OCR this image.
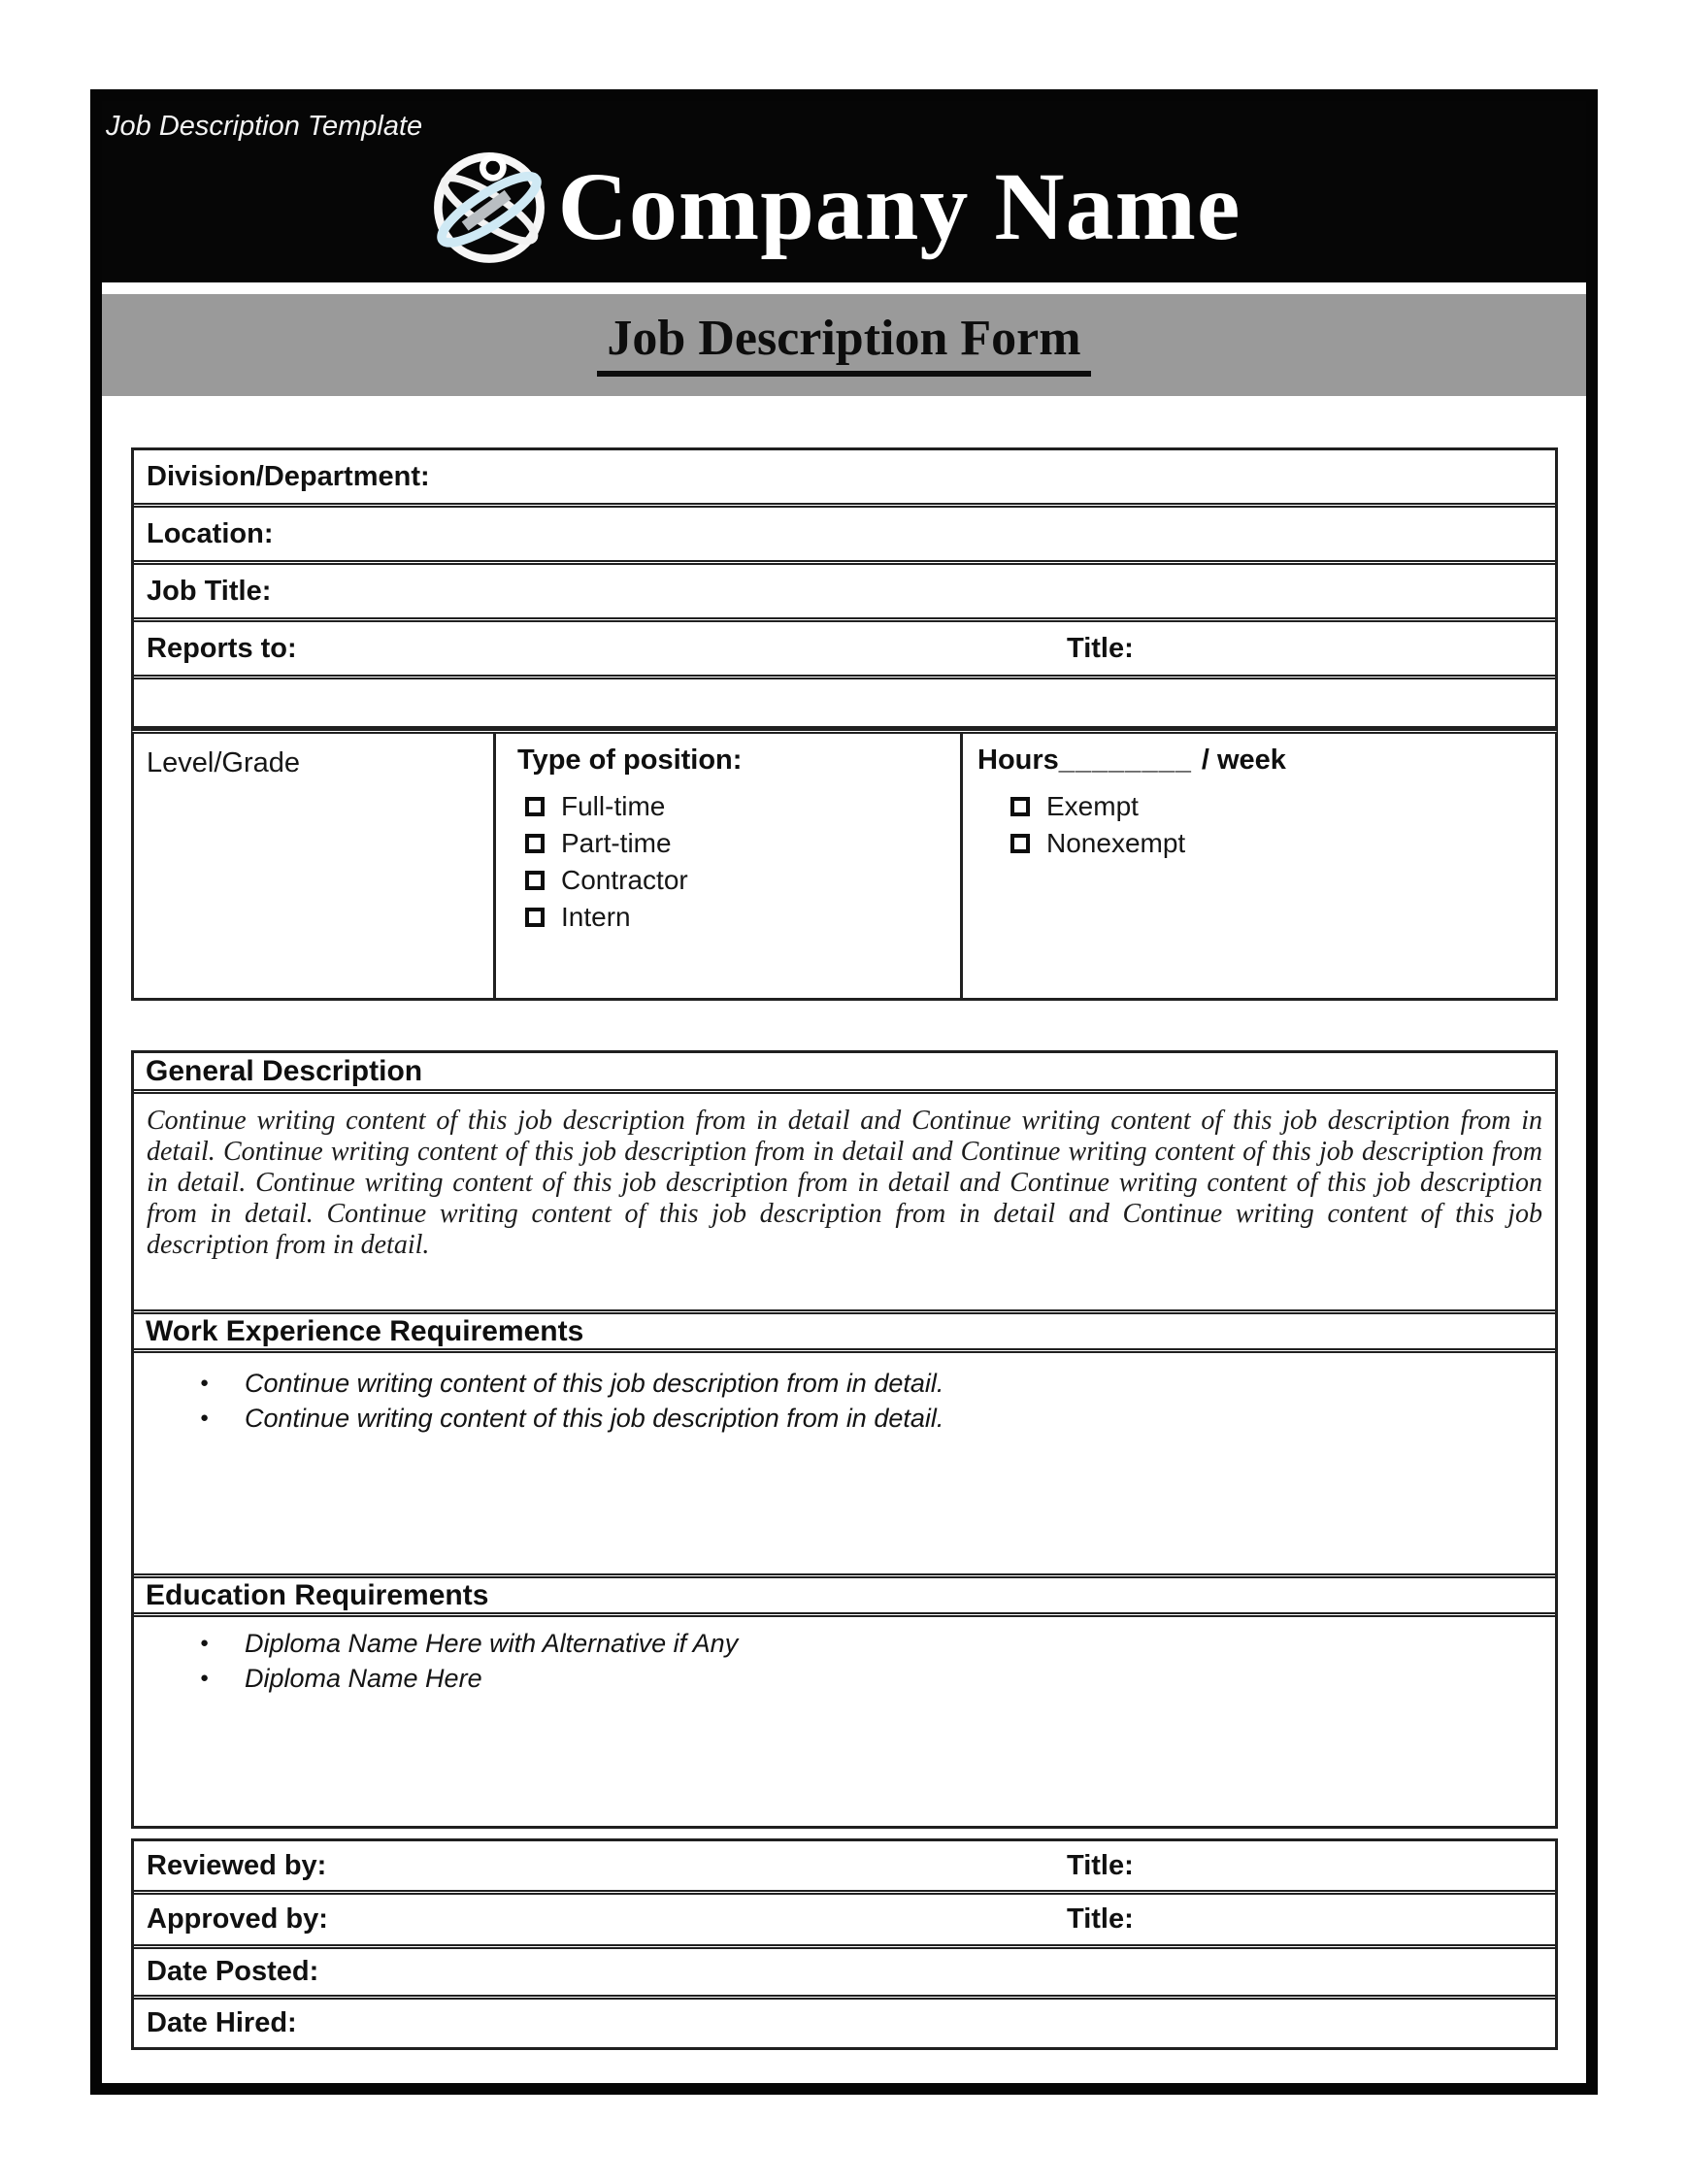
Job Description Template
Company Name
Job Description Form
Division/Department:
Location:
Job Title:
Reports to:	Title:
Level/Grade	Type of position:
Full-time
Part-time
Contractor
Intern
Hours________ / week
Exempt
Nonexempt
General Description

Continue writing content of this job description from in detail and Continue writing content of this job description from in detail. Continue writing content of this job description from in detail and Continue writing content of this job description from in detail. Continue writing content of this job description from in detail and Continue writing content of this job description from in detail. Continue writing content of this job description from in detail and Continue writing content of this job description from in detail.

Work Experience Requirements
● Continue writing content of this job description from in detail.
● Continue writing content of this job description from in detail.
Education Requirements
● Diploma Name Here with Alternative if Any
● Diploma Name Here
Reviewed by:	Title:
Approved by:	Title:
Date Posted:
Date Hired:
